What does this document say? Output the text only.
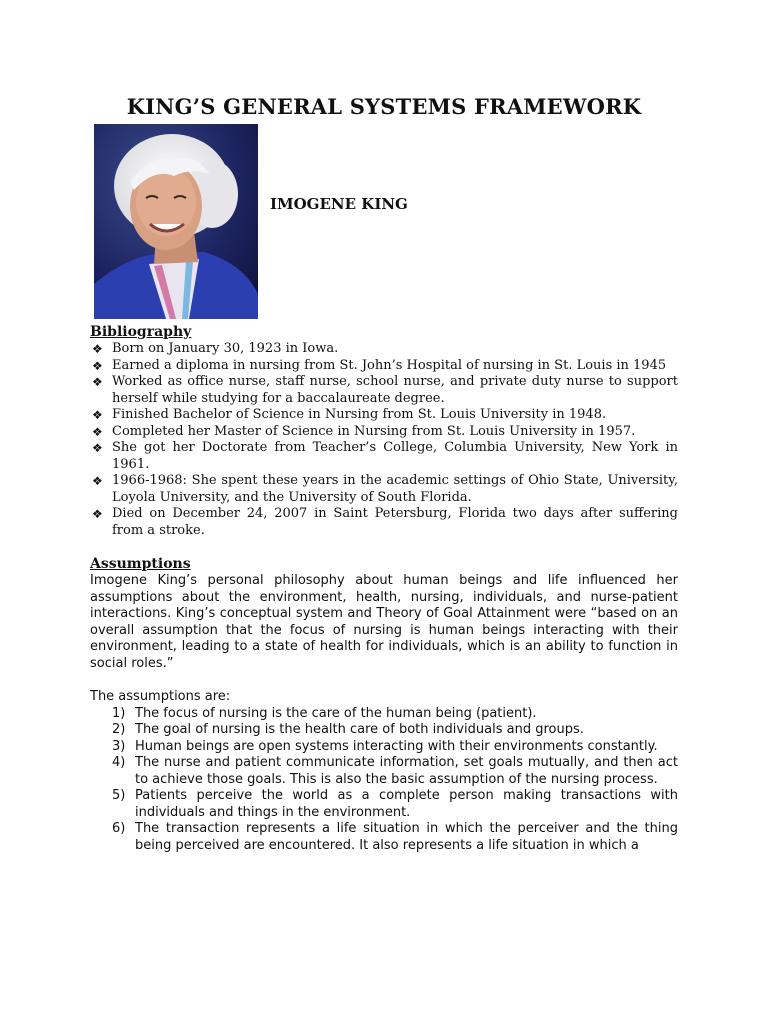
KING’S GENERAL SYSTEMS FRAMEWORK
IMOGENE KING
Bibliography
❖ Born on January 30, 1923 in Iowa.
❖ Earned a diploma in nursing from St. John’s Hospital of nursing in St. Louis in 1945
❖ Worked as office nurse, staff nurse, school nurse, and private duty nurse to support herself while studying for a baccalaureate degree.
❖ Finished Bachelor of Science in Nursing from St. Louis University in 1948.
❖ Completed her Master of Science in Nursing from St. Louis University in 1957.
❖ She got her Doctorate from Teacher’s College, Columbia University, New York in 1961.
❖ 1966-1968: She spent these years in the academic settings of Ohio State, University, Loyola University, and the University of South Florida.
❖ Died on December 24, 2007 in Saint Petersburg, Florida two days after suffering from a stroke.
Assumptions

Imogene King’s personal philosophy about human beings and life influenced her assumptions about the environment, health, nursing, individuals, and nurse-patient interactions. King’s conceptual system and Theory of Goal Attainment were “based on an overall assumption that the focus of nursing is human beings interacting with their environment, leading to a state of health for individuals, which is an ability to function in social roles.”

The assumptions are:

1) The focus of nursing is the care of the human being (patient).
2) The goal of nursing is the health care of both individuals and groups.
3) Human beings are open systems interacting with their environments constantly.
4) The nurse and patient communicate information, set goals mutually, and then act to achieve those goals. This is also the basic assumption of the nursing process.
5) Patients perceive the world as a complete person making transactions with individuals and things in the environment.
6) The transaction represents a life situation in which the perceiver and the thing being perceived are encountered. It also represents a life situation in which a
